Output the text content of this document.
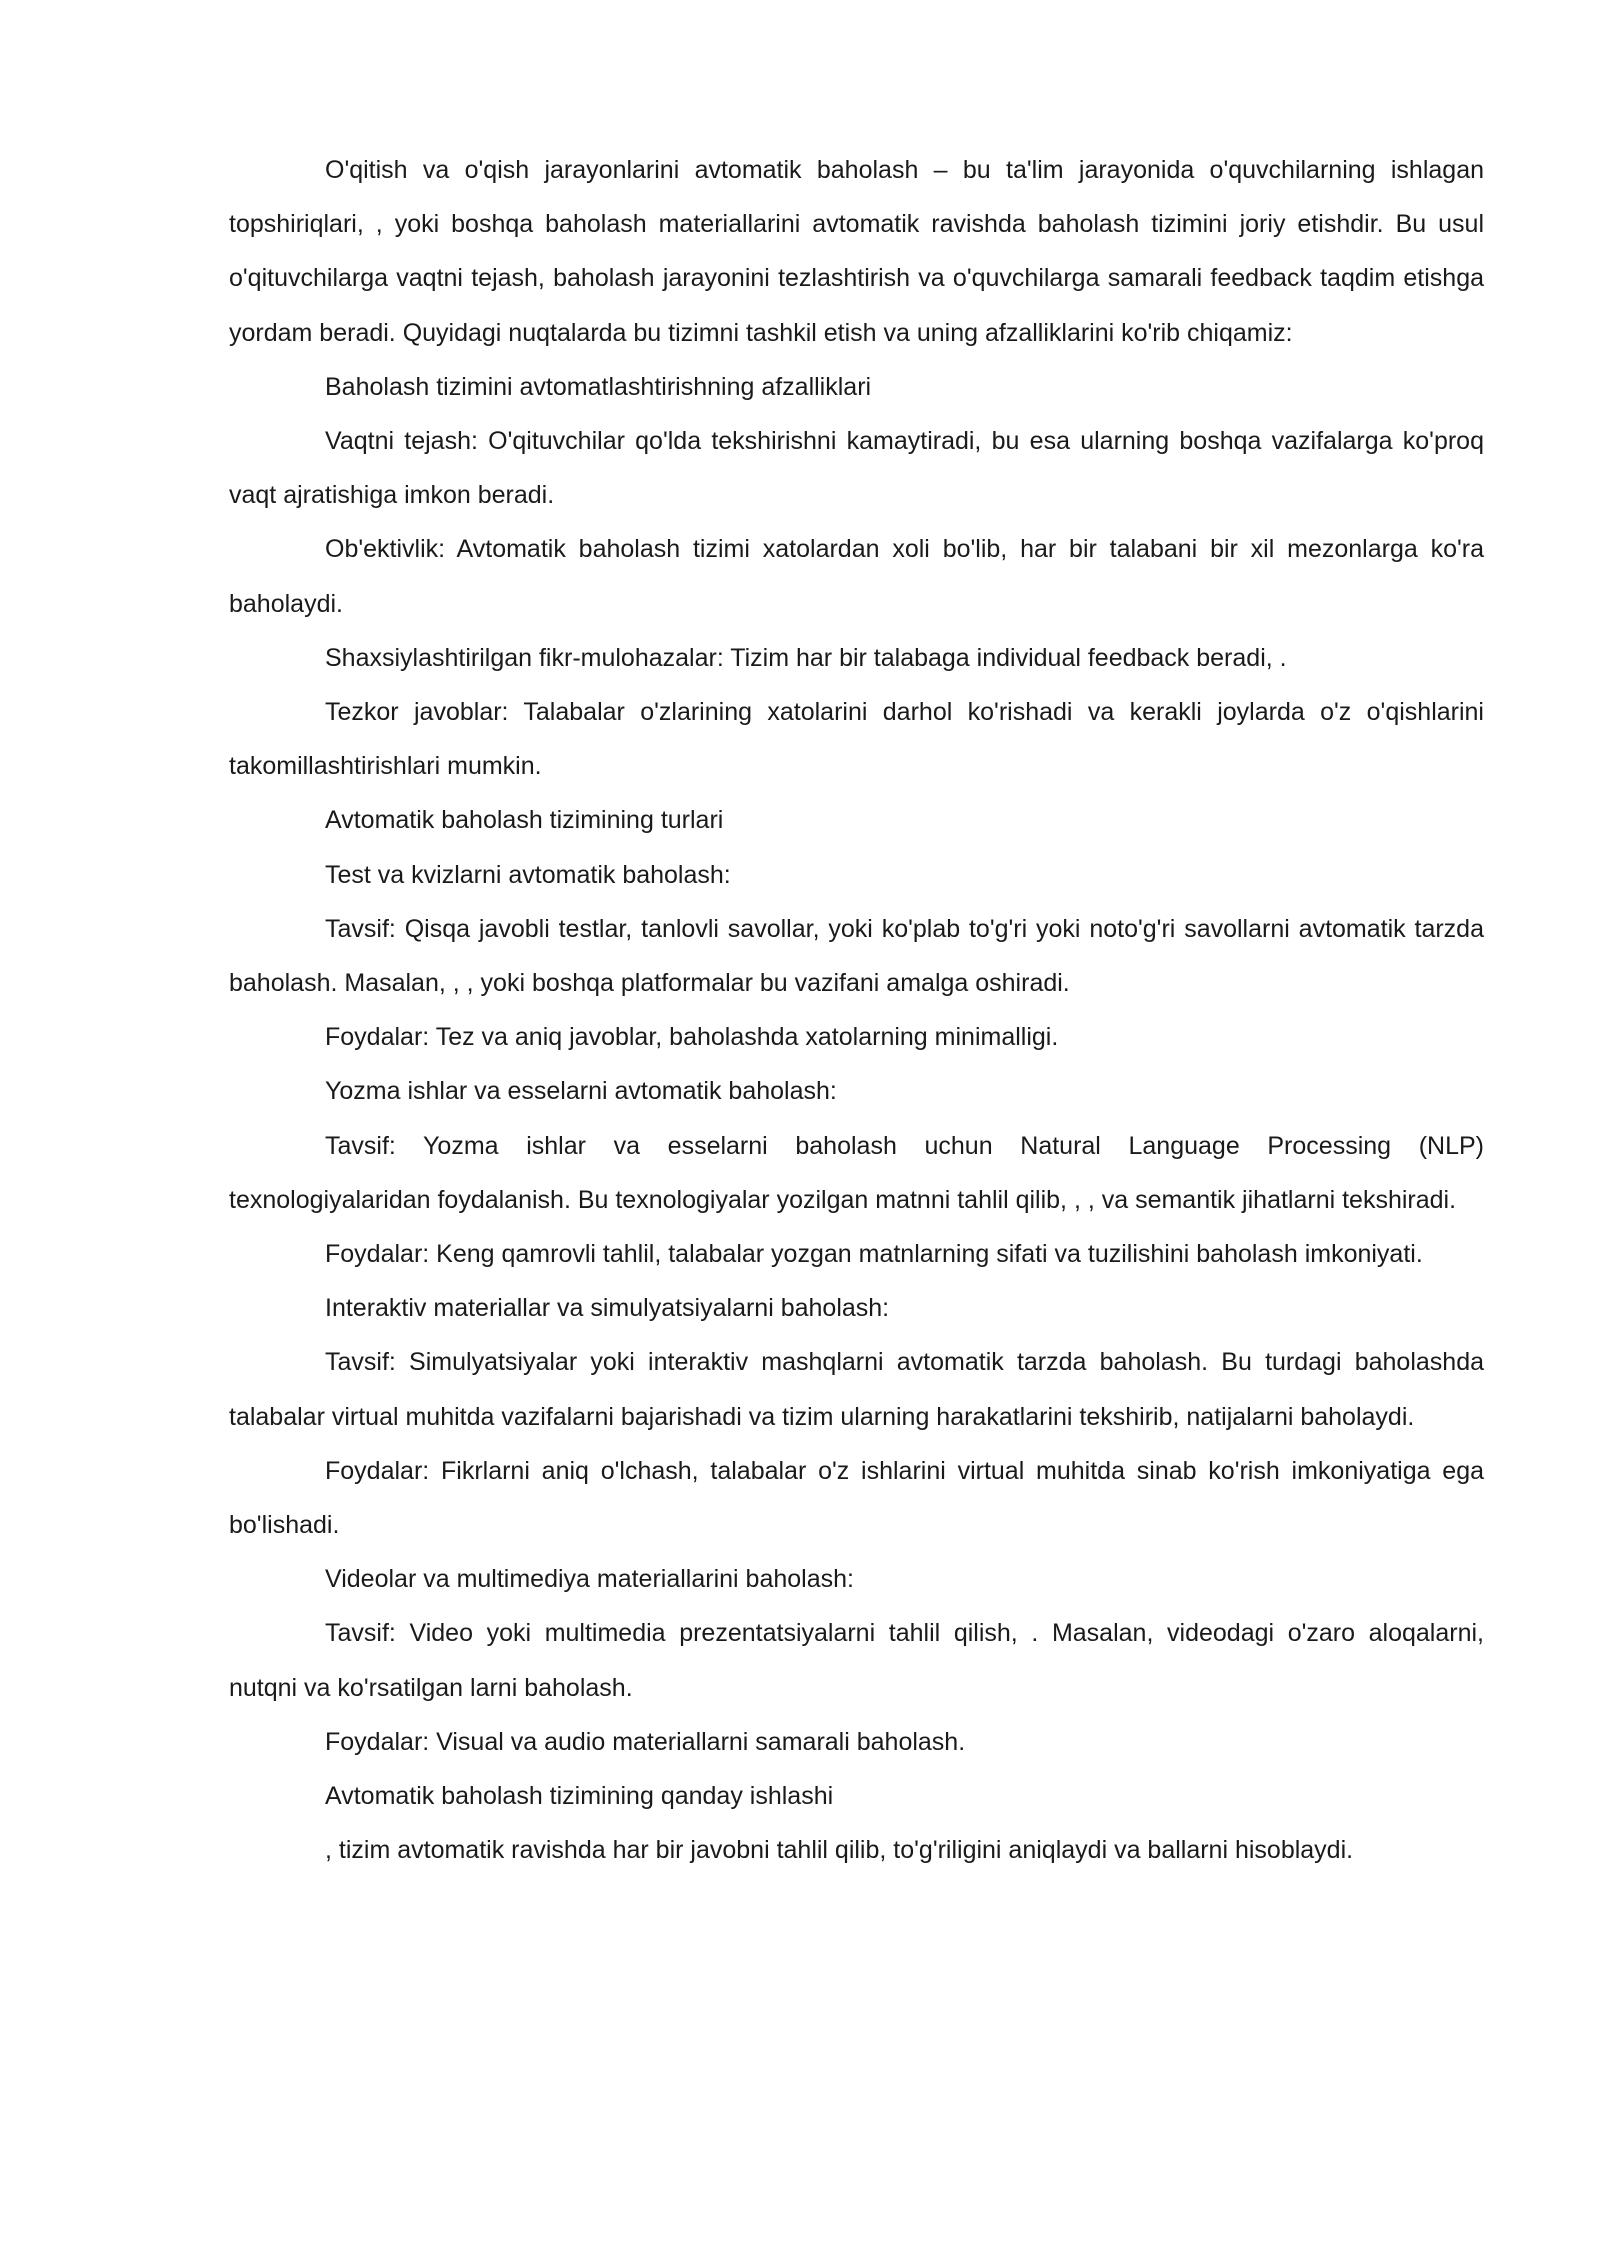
O'qitish va o'qish jarayonlarini avtomatik baholash – bu ta'lim jarayonida o'quvchilarning ishlagan topshiriqlari, , yoki boshqa baholash materiallarini avtomatik ravishda baholash tizimini joriy etishdir. Bu usul o'qituvchilarga vaqtni tejash, baholash jarayonini tezlashtirish va o'quvchilarga samarali feedback taqdim etishga yordam beradi. Quyidagi nuqtalarda bu tizimni tashkil etish va uning afzalliklarini ko'rib chiqamiz:

Baholash tizimini avtomatlashtirishning afzalliklari

Vaqtni tejash: O'qituvchilar qo'lda tekshirishni kamaytiradi, bu esa ularning boshqa vazifalarga ko'proq vaqt ajratishiga imkon beradi.

Ob'ektivlik: Avtomatik baholash tizimi xatolardan xoli bo'lib, har bir talabani bir xil mezonlarga ko'ra baholaydi.

Shaxsiylashtirilgan fikr-mulohazalar: Tizim har bir talabaga individual feedback beradi, .

Tezkor javoblar: Talabalar o'zlarining xatolarini darhol ko'rishadi va kerakli joylarda o'z o'qishlarini takomillashtirishlari mumkin.

Avtomatik baholash tizimining turlari

Test va kvizlarni avtomatik baholash:

Tavsif: Qisqa javobli testlar, tanlovli savollar, yoki ko'plab to'g'ri yoki noto'g'ri savollarni avtomatik tarzda baholash. Masalan, , , yoki boshqa platformalar bu vazifani amalga oshiradi.

Foydalar: Tez va aniq javoblar, baholashda xatolarning minimalligi.

Yozma ishlar va esselarni avtomatik baholash:

Tavsif: Yozma ishlar va esselarni baholash uchun Natural Language Processing (NLP) texnologiyalaridan foydalanish. Bu texnologiyalar yozilgan matnni tahlil qilib, , , va semantik jihatlarni tekshiradi.

Foydalar: Keng qamrovli tahlil, talabalar yozgan matnlarning sifati va tuzilishini baholash imkoniyati.

Interaktiv materiallar va simulyatsiyalarni baholash:

Tavsif: Simulyatsiyalar yoki interaktiv mashqlarni avtomatik tarzda baholash. Bu turdagi baholashda talabalar virtual muhitda vazifalarni bajarishadi va tizim ularning harakatlarini tekshirib, natijalarni baholaydi.

Foydalar: Fikrlarni aniq o'lchash, talabalar o'z ishlarini virtual muhitda sinab ko'rish imkoniyatiga ega bo'lishadi.

Videolar va multimediya materiallarini baholash:

Tavsif: Video yoki multimedia prezentatsiyalarni tahlil qilish, . Masalan, videodagi o'zaro aloqalarni, nutqni va ko'rsatilgan larni baholash.

Foydalar: Visual va audio materiallarni samarali baholash.

Avtomatik baholash tizimining qanday ishlashi

, tizim avtomatik ravishda har bir javobni tahlil qilib, to'g'riligini aniqlaydi va ballarni hisoblaydi.
